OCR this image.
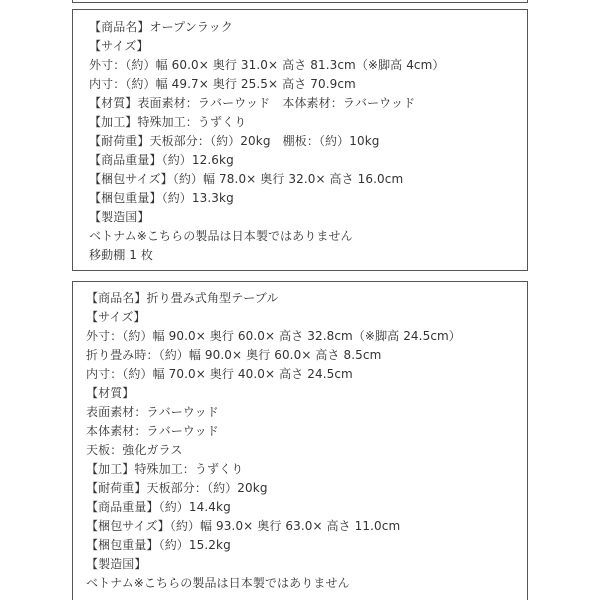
【商品名】オープンラック
【サイズ】
外寸：（約）幅 60.0× 奥行 31.0× 高さ 81.3cm（※脚高 4cm）
内寸：（約）幅 49.7× 奥行 25.5× 高さ 70.9cm
【材質】表面素材：ラバーウッド　本体素材：ラバーウッド
【加工】特殊加工：うずくり
【耐荷重】天板部分：（約）20kg　棚板：（約）10kg
【商品重量】（約）12.6kg
【梱包サイズ】（約）幅 78.0× 奥行 32.0× 高さ 16.0cm
【梱包重量】（約）13.3kg
【製造国】
ベトナム※こちらの製品は日本製ではありません
移動棚 1 枚
【商品名】折り畳み式角型テーブル
【サイズ】
外寸：（約）幅 90.0× 奥行 60.0× 高さ 32.8cm（※脚高 24.5cm）
折り畳み時：（約）幅 90.0× 奥行 60.0× 高さ 8.5cm
内寸：（約）幅 70.0× 奥行 40.0× 高さ 24.5cm
【材質】
表面素材：ラバーウッド
本体素材：ラバーウッド
天板：強化ガラス
【加工】特殊加工：うずくり
【耐荷重】天板部分：（約）20kg
【商品重量】（約）14.4kg
【梱包サイズ】（約）幅 93.0× 奥行 63.0× 高さ 11.0cm
【梱包重量】（約）15.2kg
【製造国】
ベトナム※こちらの製品は日本製ではありません
